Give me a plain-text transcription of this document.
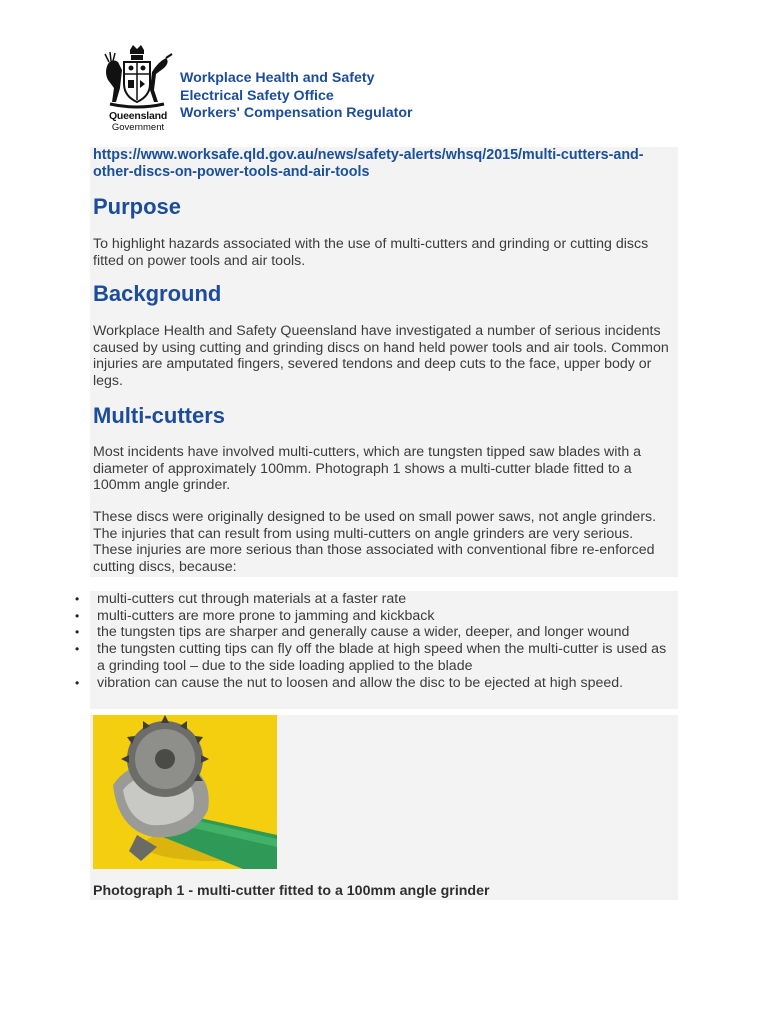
Queensland
Government
Workplace Health and Safety
Electrical Safety Office
Workers' Compensation Regulator
https://www.worksafe.qld.gov.au/news/safety-alerts/whsq/2015/multi-cutters-and-other-discs-on-power-tools-and-air-tools
Purpose

To highlight hazards associated with the use of multi-cutters and grinding or cutting discs fitted on power tools and air tools.

Background

Workplace Health and Safety Queensland have investigated a number of serious incidents caused by using cutting and grinding discs on hand held power tools and air tools. Common injuries are amputated fingers, severed tendons and deep cuts to the face, upper body or legs.

Multi-cutters

Most incidents have involved multi-cutters, which are tungsten tipped saw blades with a diameter of approximately 100mm. Photograph 1 shows a multi-cutter blade fitted to a 100mm angle grinder.

These discs were originally designed to be used on small power saws, not angle grinders. The injuries that can result from using multi-cutters on angle grinders are very serious. These injuries are more serious than those associated with conventional fibre re-enforced cutting discs, because:

• multi-cutters cut through materials at a faster rate
• multi-cutters are more prone to jamming and kickback
• the tungsten tips are sharper and generally cause a wider, deeper, and longer wound
• the tungsten cutting tips can fly off the blade at high speed when the multi-cutter is used as a grinding tool – due to the side loading applied to the blade
• vibration can cause the nut to loosen and allow the disc to be ejected at high speed.
Photograph 1 - multi-cutter fitted to a 100mm angle grinder
